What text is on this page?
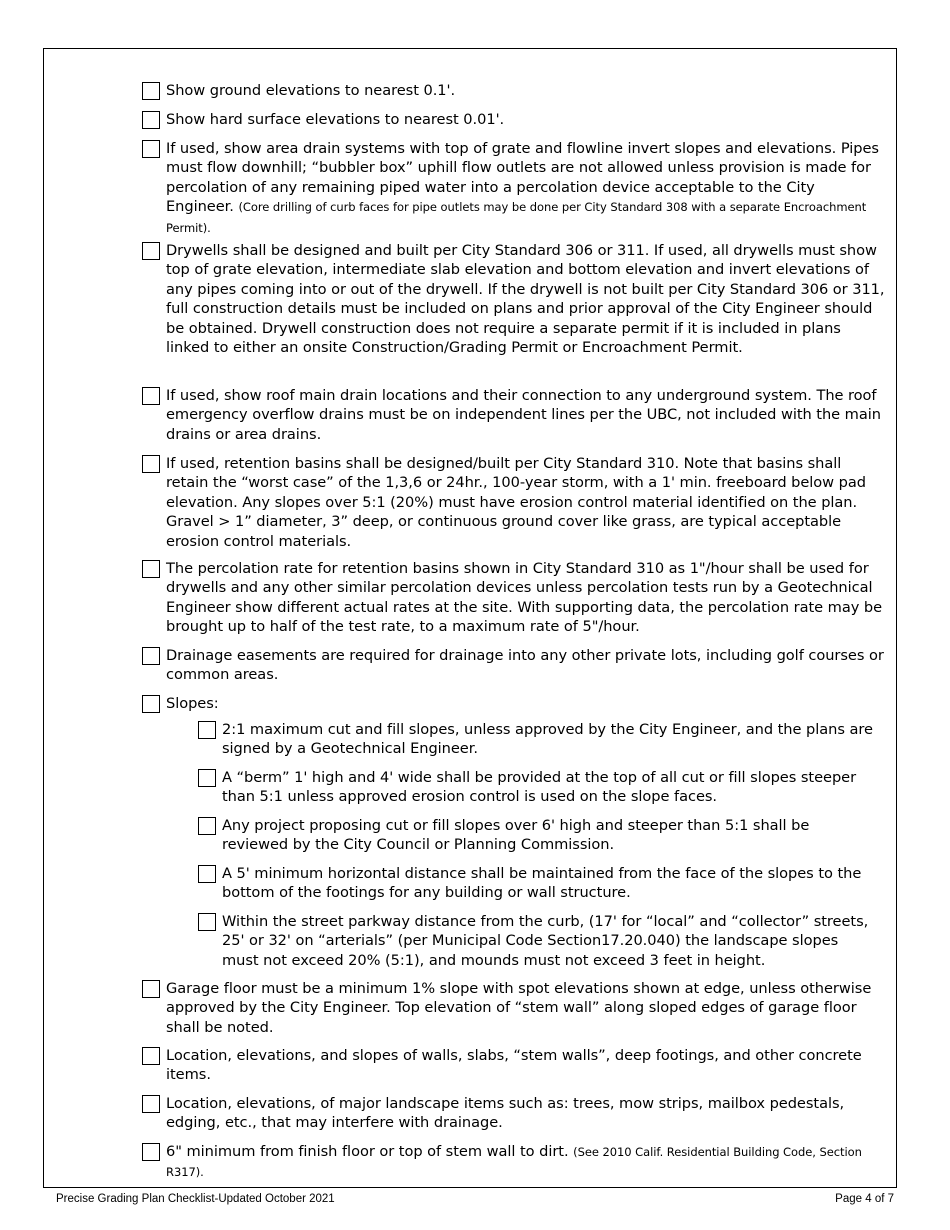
Show ground elevations to nearest 0.1'.
Show hard surface elevations to nearest 0.01'.
If used, show area drain systems with top of grate and flowline invert slopes and elevations. Pipes must flow downhill; “bubbler box” uphill flow outlets are not allowed unless provision is made for percolation of any remaining piped water into a percolation device acceptable to the City Engineer. (Core drilling of curb faces for pipe outlets may be done per City Standard 308 with a separate Encroachment Permit).
Drywells shall be designed and built per City Standard 306 or 311. If used, all drywells must show top of grate elevation, intermediate slab elevation and bottom elevation and invert elevations of any pipes coming into or out of the drywell. If the drywell is not built per City Standard 306 or 311, full construction details must be included on plans and prior approval of the City Engineer should be obtained. Drywell construction does not require a separate permit if it is included in plans linked to either an onsite Construction/Grading Permit or Encroachment Permit.
If used, show roof main drain locations and their connection to any underground system. The roof emergency overflow drains must be on independent lines per the UBC, not included with the main drains or area drains.
If used, retention basins shall be designed/built per City Standard 310. Note that basins shall retain the “worst case” of the 1,3,6 or 24hr., 100-year storm, with a 1' min. freeboard below pad elevation. Any slopes over 5:1 (20%) must have erosion control material identified on the plan. Gravel > 1” diameter, 3” deep, or continuous ground cover like grass, are typical acceptable erosion control materials.
The percolation rate for retention basins shown in City Standard 310 as 1"/hour shall be used for drywells and any other similar percolation devices unless percolation tests run by a Geotechnical Engineer show different actual rates at the site. With supporting data, the percolation rate may be brought up to half of the test rate, to a maximum rate of 5"/hour.
Drainage easements are required for drainage into any other private lots, including golf courses or common areas.
Slopes:
2:1 maximum cut and fill slopes, unless approved by the City Engineer, and the plans are signed by a Geotechnical Engineer.
A “berm” 1' high and 4' wide shall be provided at the top of all cut or fill slopes steeper than 5:1 unless approved erosion control is used on the slope faces.
Any project proposing cut or fill slopes over 6' high and steeper than 5:1 shall be reviewed by the City Council or Planning Commission.
A 5' minimum horizontal distance shall be maintained from the face of the slopes to the bottom of the footings for any building or wall structure.
Within the street parkway distance from the curb, (17' for “local” and “collector” streets, 25' or 32' on “arterials” (per Municipal Code Section17.20.040) the landscape slopes must not exceed 20% (5:1), and mounds must not exceed 3 feet in height.
Garage floor must be a minimum 1% slope with spot elevations shown at edge, unless otherwise approved by the City Engineer. Top elevation of “stem wall” along sloped edges of garage floor shall be noted.
Location, elevations, and slopes of walls, slabs, “stem walls”, deep footings, and other concrete items.
Location, elevations, of major landscape items such as: trees, mow strips, mailbox pedestals, edging, etc., that may interfere with drainage.
6" minimum from finish floor or top of stem wall to dirt. (See 2010 Calif. Residential Building Code, Section R317).
Precise Grading Plan Checklist-Updated October 2021	Page 4 of 7
